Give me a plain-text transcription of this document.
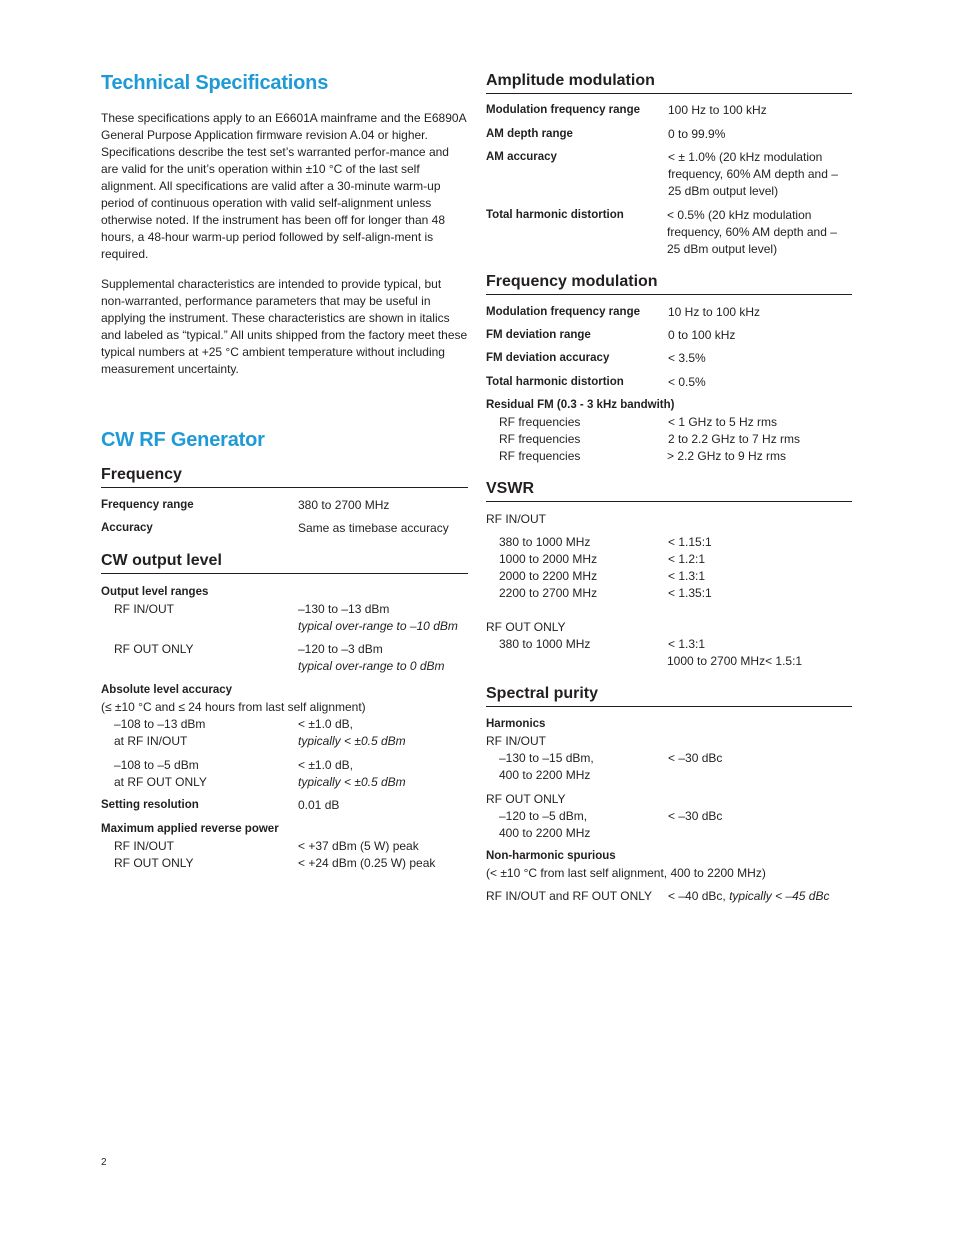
Technical Specifications

These specifications apply to an E6601A mainframe and the E6890A General Purpose Application firmware revision A.04 or higher. Specifications describe the test set’s warranted perfor-mance and are valid for the unit’s operation within ±10 °C of the last self alignment. All specifications are valid after a 30-minute warm-up period of continuous operation with valid self-alignment unless otherwise noted. If the instrument has been off for longer than 48 hours, a 48-hour warm-up period followed by self-align-ment is required.

Supplemental characteristics are intended to provide typical, but non-warranted, performance parameters that may be useful in applying the instrument. These characteristics are shown in italics and labeled as “typical.” All units shipped from the factory meet these typical numbers at +25 °C ambient temperature without including measurement uncertainty.

CW RF Generator
Frequency
Frequency range	380 to 2700 MHz
Accuracy	Same as timebase accuracy
CW output level
Output level ranges
RF IN/OUT	–130 to –13 dBm
typical over-range to –10 dBm
RF OUT ONLY	–120 to –3 dBm
typical over-range to 0 dBm
Absolute level accuracy
(≤ ±10 °C and ≤ 24 hours from last self alignment)
–108 to –13 dBm	< ±1.0 dB,
at RF IN/OUT	typically < ±0.5 dBm
–108 to –5 dBm	< ±1.0 dB,
at RF OUT ONLY	typically < ±0.5 dBm
Setting resolution	0.01 dB
Maximum applied reverse power
RF IN/OUT	< +37 dBm (5 W) peak
RF OUT ONLY	< +24 dBm (0.25 W) peak
Amplitude modulation
Modulation frequency range	100 Hz to 100 kHz
AM depth range	0 to 99.9%
AM accuracy	< ± 1.0% (20 kHz modulation frequency, 60% AM depth and –25 dBm output level)
Total harmonic distortion	< 0.5% (20 kHz modulation frequency, 60% AM depth and –25 dBm output level)
Frequency modulation
Modulation frequency range	10 Hz to 100 kHz
FM deviation range	0 to 100 kHz
FM deviation accuracy	< 3.5%
Total harmonic distortion	< 0.5%
Residual FM (0.3 - 3 kHz bandwith)
RF frequencies	< 1 GHz to 5 Hz rms
RF frequencies	2 to 2.2 GHz to 7 Hz rms
RF frequencies	> 2.2 GHz to 9 Hz rms
VSWR
RF IN/OUT
380 to 1000 MHz	< 1.15:1
1000 to 2000 MHz	< 1.2:1
2000 to 2200 MHz	< 1.3:1
2200 to 2700 MHz	< 1.35:1
RF OUT ONLY
380 to 1000 MHz	< 1.3:1
1000 to 2700 MHz< 1.5:1
Spectral purity
Harmonics
RF IN/OUT
–130 to –15 dBm,	< –30 dBc
400 to 2200 MHz
RF OUT ONLY
–120 to –5 dBm,	< –30 dBc
400 to 2200 MHz
Non-harmonic spurious
(< ±10 °C from last self alignment, 400 to 2200 MHz)
RF IN/OUT and RF OUT ONLY	< –40 dBc, typically < –45 dBc
2
